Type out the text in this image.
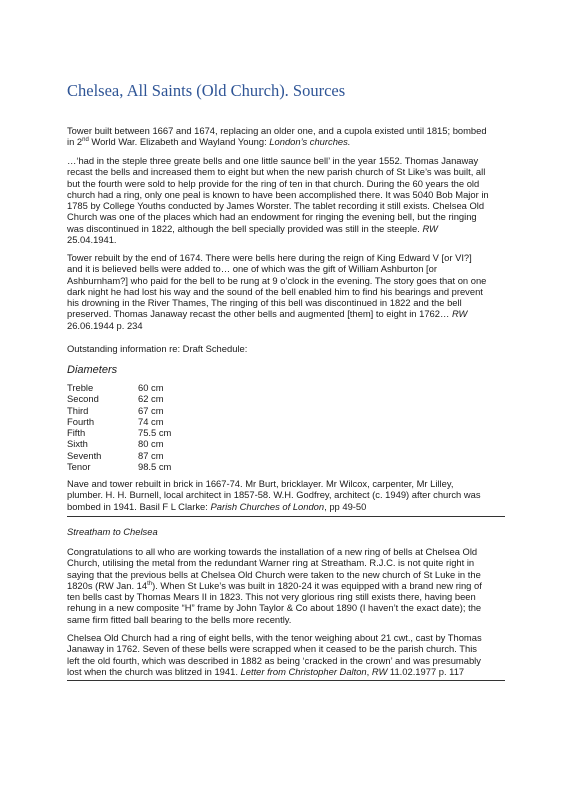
Chelsea, All Saints (Old Church). Sources
Tower built between 1667 and 1674, replacing an older one, and a cupola existed until 1815; bombed
in 2nd World War. Elizabeth and Wayland Young: London’s churches.
…‘had in the steple three greate bells and one little saunce bell’ in the year 1552. Thomas Janaway
recast the bells and increased them to eight but when the new parish church of St Like’s was built, all
but the fourth were sold to help provide for the ring of ten in that church. During the 60 years the old
church had a ring, only one peal is known to have been accomplished there. It was 5040 Bob Major in
1785 by College Youths conducted by James Worster. The tablet recording it still exists. Chelsea Old
Church was one of the places which had an endowment for ringing the evening bell, but the ringing
was discontinued in 1822, although the bell specially provided was still in the steeple. RW
25.04.1941.
Tower rebuilt by the end of 1674. There were bells here during the reign of King Edward V [or VI?]
and it is believed bells were added to… one of which was the gift of William Ashburton [or
Ashburnham?] who paid for the bell to be rung at 9 o’clock in the evening. The story goes that on one
dark night he had lost his way and the sound of the bell enabled him to find his bearings and prevent
his drowning in the River Thames, The ringing of this bell was discontinued in 1822 and the bell
preserved. Thomas Janaway recast the other bells and augmented [them] to eight in 1762… RW
26.06.1944 p. 234
Outstanding information re: Draft Schedule:
Diameters
Treble	60 cm
Second	62 cm
Third	67 cm
Fourth	74 cm
Fifth	75.5 cm
Sixth	80 cm
Seventh	87 cm
Tenor	98.5 cm
Nave and tower rebuilt in brick in 1667-74. Mr Burt, bricklayer. Mr Wilcox, carpenter, Mr Lilley,
plumber. H. H. Burnell, local architect in 1857-58. W.H. Godfrey, architect (c. 1949) after church was
bombed in 1941. Basil F L Clarke: Parish Churches of London, pp 49-50
Streatham to Chelsea
Congratulations to all who are working towards the installation of a new ring of bells at Chelsea Old
Church, utilising the metal from the redundant Warner ring at Streatham. R.J.C. is not quite right in
saying that the previous bells at Chelsea Old Church were taken to the new church of St Luke in the
1820s (RW Jan. 14th). When St Luke’s was built in 1820-24 it was equipped with a brand new ring of
ten bells cast by Thomas Mears II in 1823. This not very glorious ring still exists there, having been
rehung in a new composite “H” frame by John Taylor & Co about 1890 (I haven’t the exact date); the
same firm fitted ball bearing to the bells more recently.
Chelsea Old Church had a ring of eight bells, with the tenor weighing about 21 cwt., cast by Thomas
Janaway in 1762. Seven of these bells were scrapped when it ceased to be the parish church. This
left the old fourth, which was described in 1882 as being ‘cracked in the crown’ and was presumably
lost when the church was blitzed in 1941. Letter from Christopher Dalton, RW 11.02.1977 p. 117
